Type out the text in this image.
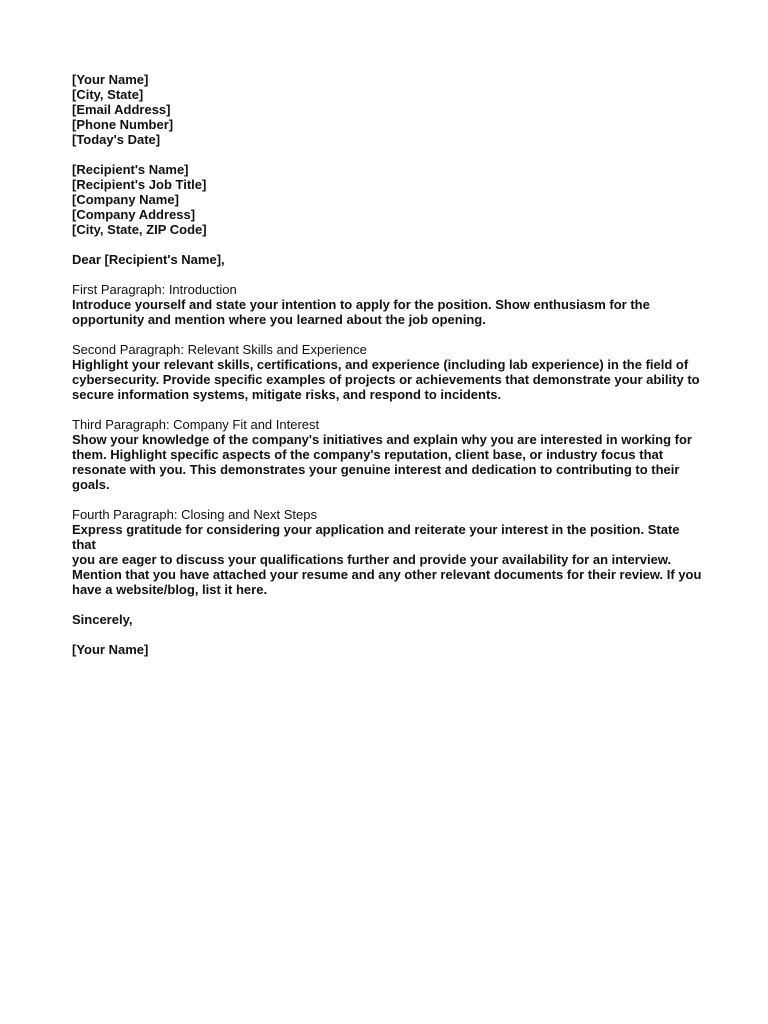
[Your Name]
[City, State]
[Email Address]
[Phone Number]
[Today's Date]
[Recipient's Name]
[Recipient's Job Title]
[Company Name]
[Company Address]
[City, State, ZIP Code]
Dear [Recipient's Name],
First Paragraph: Introduction
Introduce yourself and state your intention to apply for the position. Show enthusiasm for the
opportunity and mention where you learned about the job opening.
Second Paragraph: Relevant Skills and Experience
Highlight your relevant skills, certifications, and experience (including lab experience) in the field of
cybersecurity. Provide specific examples of projects or achievements that demonstrate your ability to
secure information systems, mitigate risks, and respond to incidents.
Third Paragraph: Company Fit and Interest
Show your knowledge of the company's initiatives and explain why you are interested in working for
them. Highlight specific aspects of the company's reputation, client base, or industry focus that
resonate with you. This demonstrates your genuine interest and dedication to contributing to their
goals.
Fourth Paragraph: Closing and Next Steps
Express gratitude for considering your application and reiterate your interest in the position. State that
you are eager to discuss your qualifications further and provide your availability for an interview.
Mention that you have attached your resume and any other relevant documents for their review. If you
have a website/blog, list it here.
Sincerely,
[Your Name]
